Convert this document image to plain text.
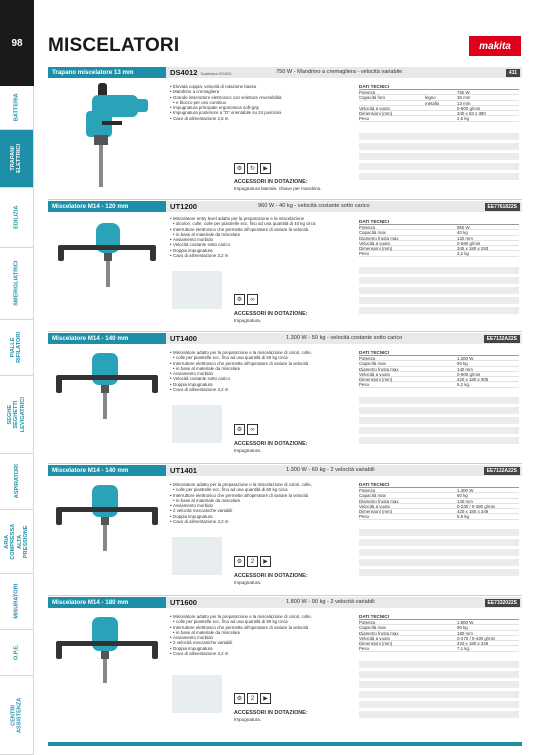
98
BATTERIA
TRAPANI ELETTRICI
EDILIZIA
SMERIGLIATRICI
PIALLE RIFILATORI
SEGHE SEGHETTI LEVIGATRICI
ASPIRATORI
ARIA COMPRESSA ALTA PRESSIONE
MISURATORI
O.P.E.
CENTRI ASSISTENZA
MISCELATORI	makita
Trapano miscelatore 13 mm	DS4012 Sostituisce DS4011	750 W - Mandrino a cremagliera - velocità variabile	411
• Elevata coppia, velocità di rotazione bassa
• Mandrino a cremagliera
• Grande interruttore elettronico con selettore reversibilità
• e blocco per uso continuo
• Impugnatura principale ergonomica soft-grip
• Impugnatura posteriore a "D" orientabile su 24 posizioni
• Cavo di alimentazione 2,5 m
DATI TECNICI
Potenza	750 W
Capacità foro	legno	36 mm
metallo	13 mm
Velocità a vuoto	0-600 g/min
Dimensioni (mm)	340 x 83 x 380
Peso	2,6 kg
⚙	↻	▶
ACCESSORI IN DOTAZIONE:
Impugnatura laterale, chiave per mandrino.
Miscelatore M14 - 120 mm	UT1200	960 W - 40 kg - velocità costante sotto carico	EE7761822S
• Miscelatore entry level adatto per la preparazione e la miscelazione
• dicolori, colle, colle per piastrelle ecc. fino ad una quantità di 40 kg circa
• Interruttore elettronico che permette all'operatore di variare la velocità
• in base al materiale da miscelare
• Avviamento morbido
• Velocità costante sotto carico
• Doppia impugnatura
• Cavo di alimentazione 3,2 m
DATI TECNICI
Potenza	960 W
Capacità max	40 kg
Diametro frusta max	120 mm
Velocità a vuoto	0-580 g/min
Dimensioni (mm)	345 x 180 x 293
Peso	3,2 kg
⚙	∞
ACCESSORI IN DOTAZIONE:
Impugnatura.
Miscelatore M14 - 140 mm	UT1400	1.300 W - 50 kg - velocità costante sotto carico	EE7132A22S
• Miscelatore adatto per la preparazione e la miscelazione di colori, colle,
• colle per piastrelle ecc. fino ad una quantità di 50 kg circa
• Interruttore elettronico che permette all'operatore di variare la velocità
• in base al materiale da miscelare
• Avviamento morbido
• Velocità costante sotto carico
• Doppia impugnatura
• Cavo di alimentazione 3,2 m
DATI TECNICI
Potenza	1.300 W
Capacità max	50 kg
Diametro frusta max	140 mm
Velocità a vuoto	0-900 g/min
Dimensioni (mm)	420 x 180 x 305
Peso	5,2 kg
⚙	∞
ACCESSORI IN DOTAZIONE:
Impugnatura.
Miscelatore M14 - 140 mm	UT1401	1.300 W - 60 kg - 2 velocità variabili	EE7132A22S
• Miscelatore adatto per la preparazione e la miscelazione di colori, colle,
• colle per piastrelle ecc. fino ad una quantità di 60 kg circa
• Interruttore elettronico che permette all'operatore di variare la velocità
• in base al materiale da miscelare
• Avviamento morbido
• 2 velocità meccaniche variabili
• Doppia impugnatura
• Cavo di alimentazione 3,2 m
DATI TECNICI
Potenza	1.300 W
Capacità max	60 kg
Diametro frusta max	140 mm
Velocità a vuoto	0-230 / 0-480 g/min
Dimensioni (mm)	420 x 180 x 349
Peso	5,8 kg
⚙	2	▶
ACCESSORI IN DOTAZIONE:
Impugnatura.
Miscelatore M14 - 180 mm	UT1600	1.800 W - 90 kg - 2 velocità variabili	EE7332022S
• Miscelatore adatto per la preparazione e la miscelazione di colori, colle,
• colle per piastrelle ecc. fino ad una quantità di 90 kg circa
• Interruttore elettronico che permette all'operatore di variare la velocità
• in base al materiale da miscelare
• Avviamento morbido
• 2 velocità meccaniche variabili
• Doppia impugnatura
• Cavo di alimentazione 3,2 m
DATI TECNICI
Potenza	1.800 W
Capacità max	90 kg
Diametro frusta max	180 mm
Velocità a vuoto	0-270 / 0-430 g/min
Dimensioni (mm)	420 x 180 x 349
Peso	7,1 kg
⚙	2	▶
ACCESSORI IN DOTAZIONE:
Impugnatura.
